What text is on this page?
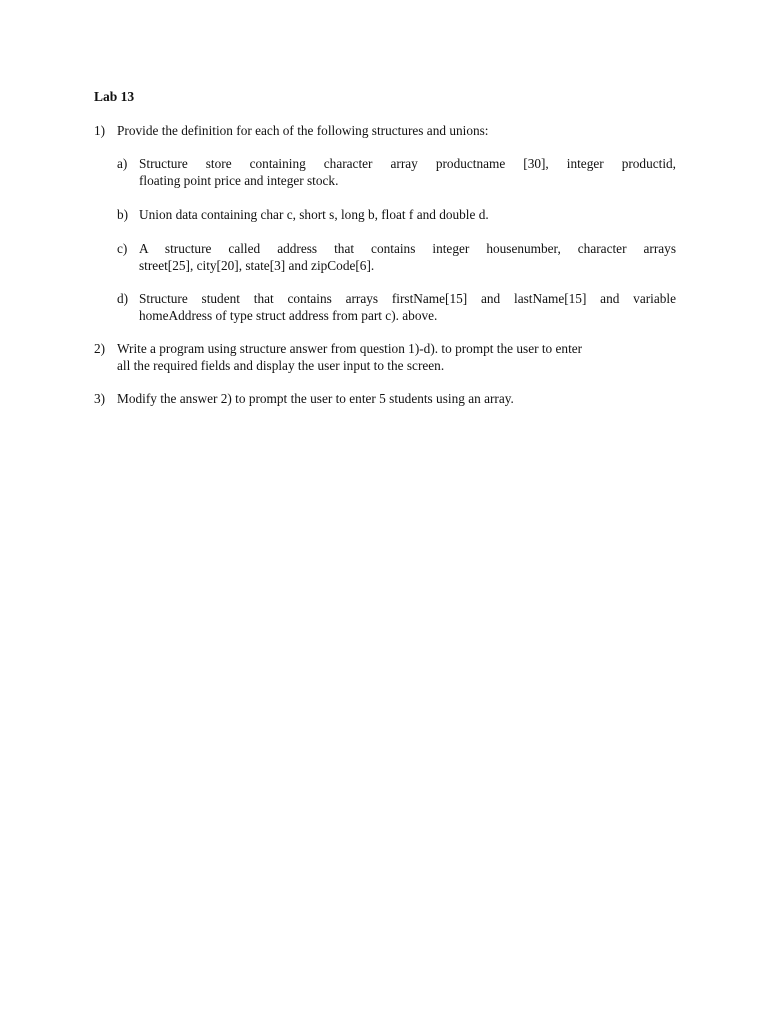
Lab 13
1) Provide the definition for each of the following structures and unions:
a) Structure store containing character array productname [30], integer productid,
floating point price and integer stock.
b) Union data containing char c, short s, long b, float f and double d.
c) A structure called address that contains integer housenumber, character arrays
street[25], city[20], state[3] and zipCode[6].
d) Structure student that contains arrays firstName[15] and lastName[15] and variable
homeAddress of type struct address from part c). above.
2) Write a program using structure answer from question 1)-d). to prompt the user to enter
all the required fields and display the user input to the screen.
3) Modify the answer 2) to prompt the user to enter 5 students using an array.
